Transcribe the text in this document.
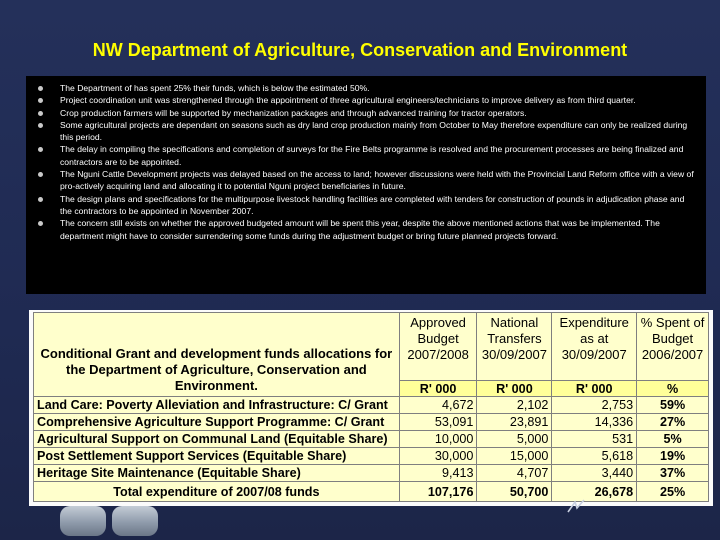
NW Department of Agriculture, Conservation and Environment
The Department of has spent 25% their funds, which is below the estimated 50%.
Project coordination unit was strengthened through the appointment of three agricultural engineers/technicians to improve delivery as from third quarter.
Crop production farmers will be supported by mechanization packages and through advanced training for tractor operators.
Some agricultural projects are dependant on seasons such as dry land crop production mainly from October to May therefore expenditure can only be realized during this period.
The delay in compiling the specifications and completion of surveys for the Fire Belts programme is resolved and the procurement processes are being finalized and contractors are to be appointed.
The Nguni Cattle Development projects was delayed based on the access to land; however discussions were held with the Provincial Land Reform office with a view of pro-actively acquiring land and allocating it to potential Nguni project beneficiaries in future.
The design plans and specifications for the multipurpose livestock handling facilities are completed with tenders for construction of pounds in adjudication phase and the contractors to be appointed in November 2007.
The concern still exists on whether the approved budgeted amount will be spent this year, despite the above mentioned actions that was be implemented. The department might have to consider surrendering some funds during the adjustment budget or bring future planned projects forward.
Conditional Grant and development funds allocations for the Department of Agriculture, Conservation and Environment.	Approved Budget 2007/2008	National Transfers 30/09/2007	Expenditure as at 30/09/2007	% Spent of Budget 2006/2007
	R' 000	R' 000	R' 000	%
Land Care: Poverty Alleviation and Infrastructure: C/ Grant	4,672	2,102	2,753	59%
Comprehensive Agriculture Support Programme: C/ Grant	53,091	23,891	14,336	27%
Agricultural Support on Communal Land (Equitable Share)	10,000	5,000	531	5%
Post Settlement Support Services (Equitable Share)	30,000	15,000	5,618	19%
Heritage Site Maintenance (Equitable Share)	9,413	4,707	3,440	37%
Total expenditure of 2007/08 funds	107,176	50,700	26,678	25%
